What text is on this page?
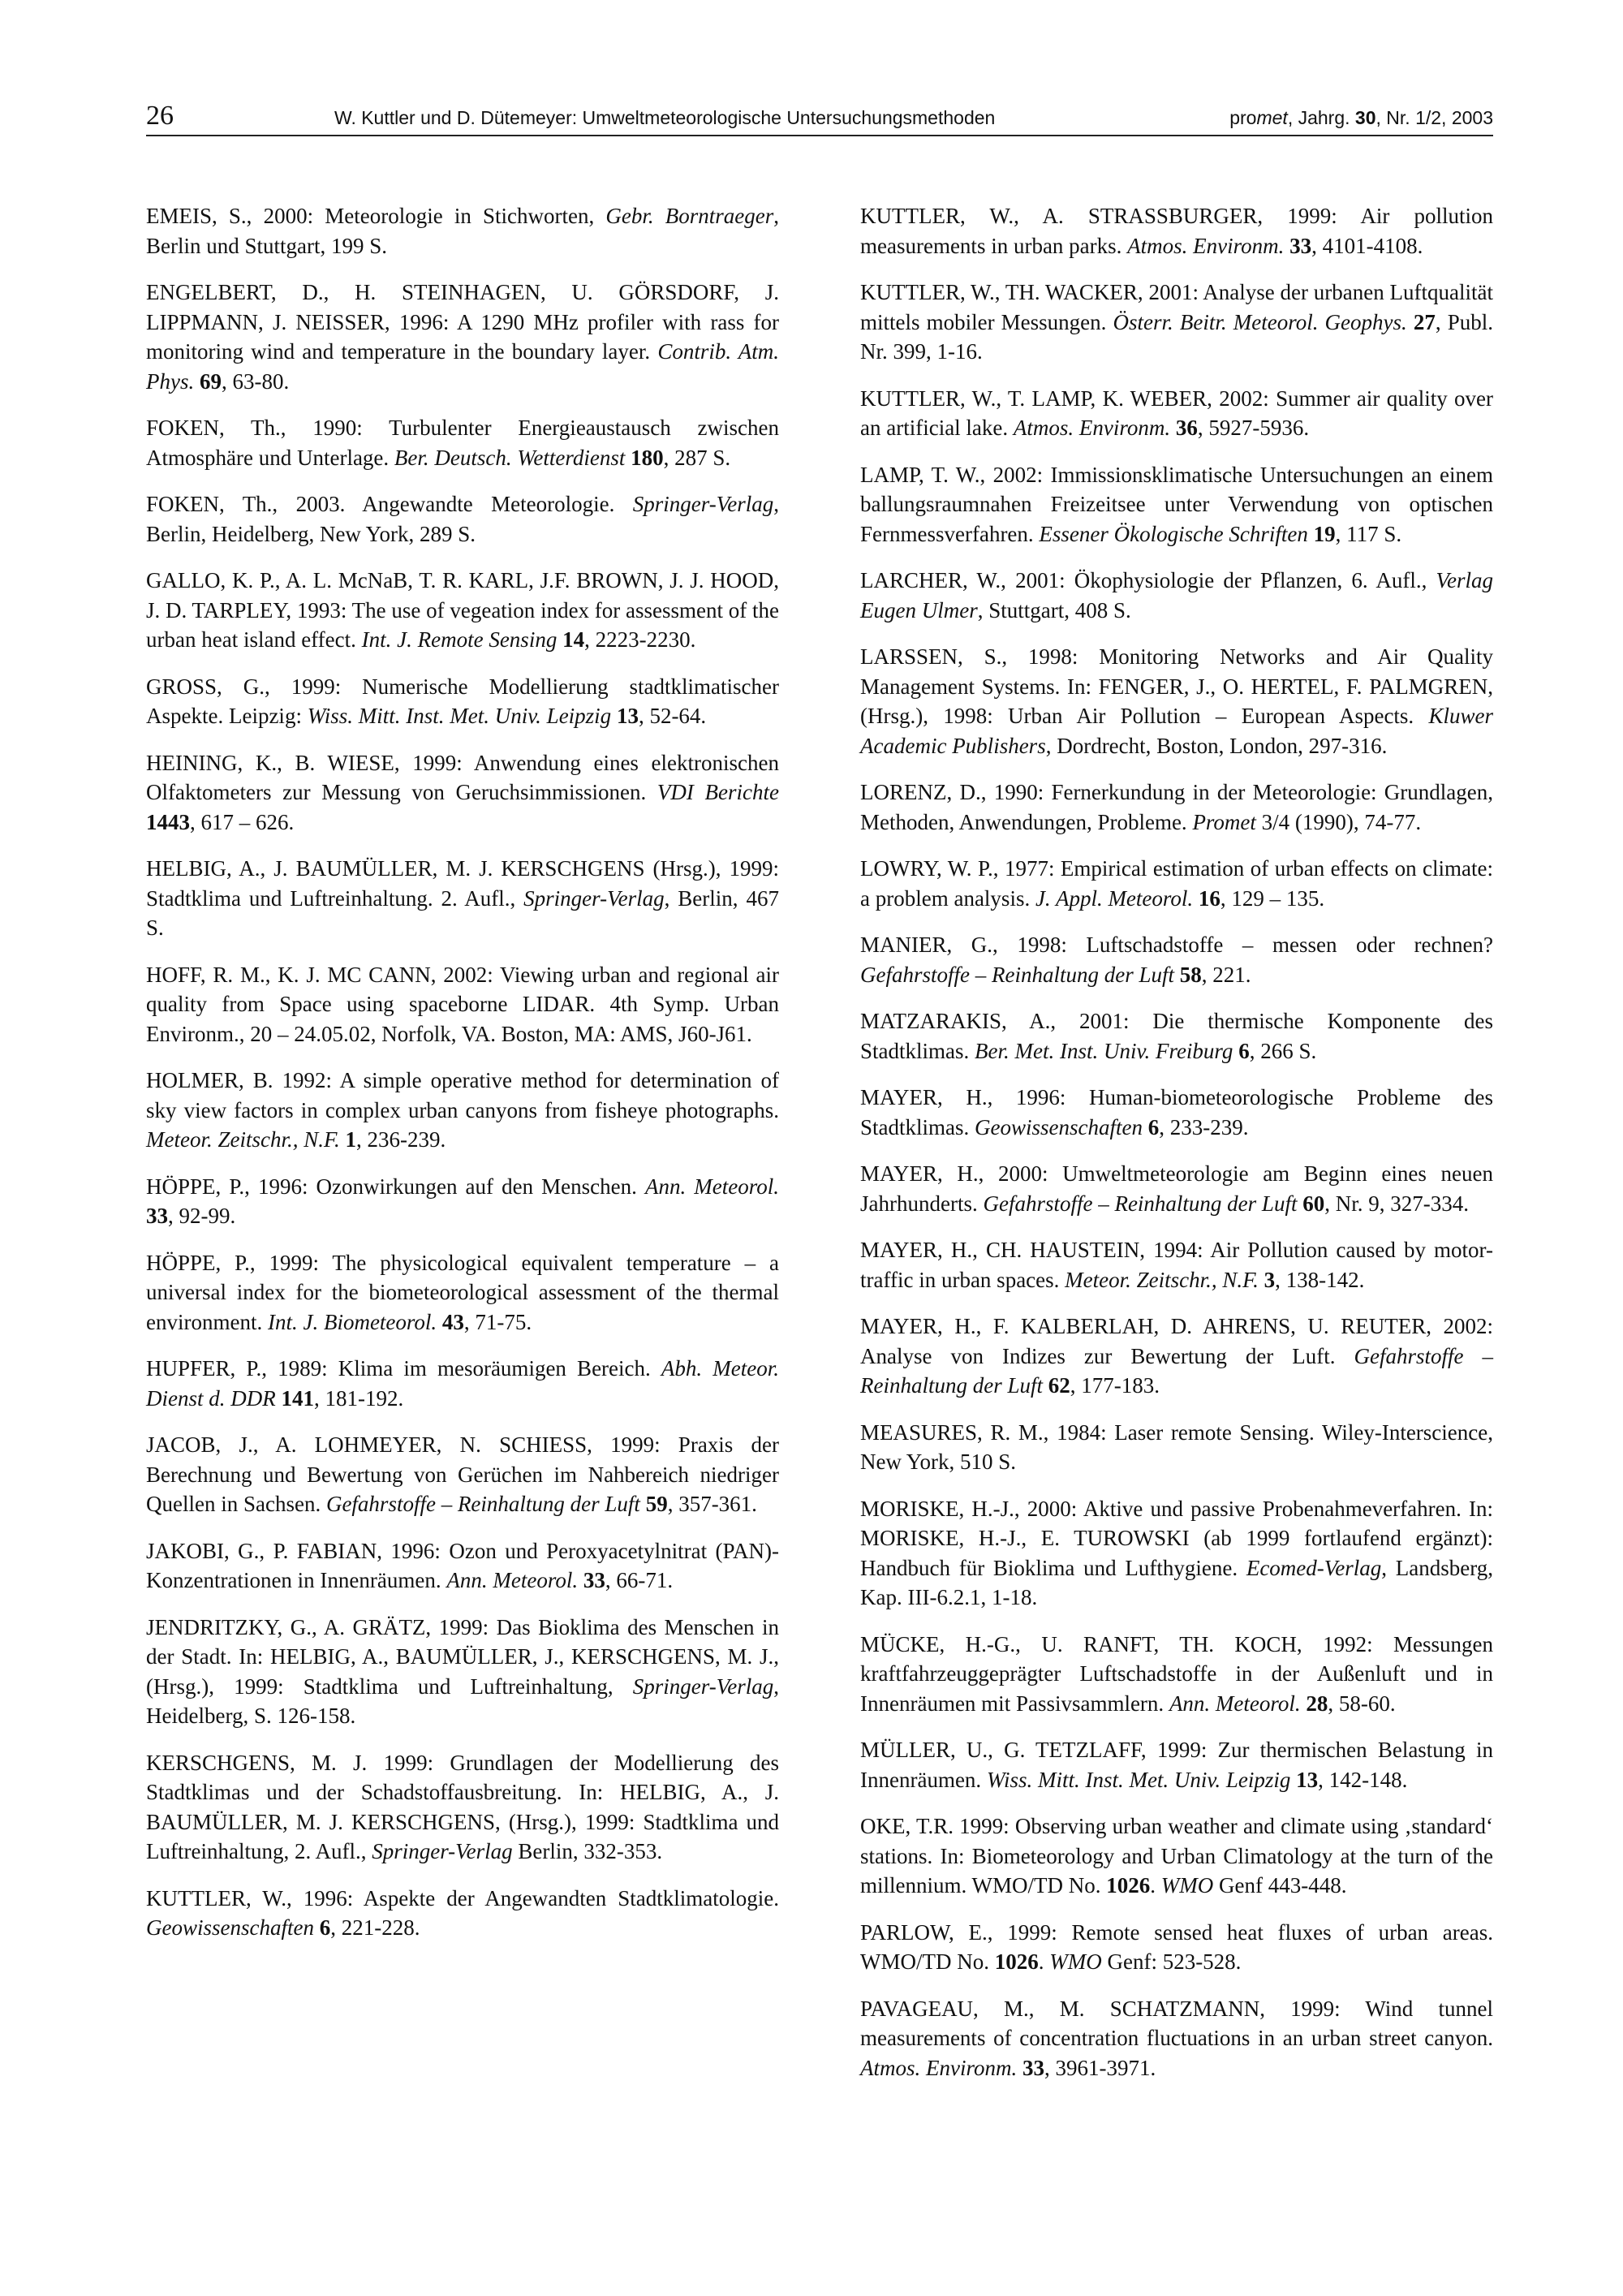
26	W. Kuttler und D. Dütemeyer: Umweltmeteorologische Untersuchungsmethoden	promet, Jahrg. 30, Nr. 1/2, 2003

EMEIS, S., 2000: Meteorologie in Stichworten, Gebr. Borntraeger, Berlin und Stuttgart, 199 S.

ENGELBERT, D., H. STEINHAGEN, U. GÖRSDORF, J. LIPPMANN, J. NEISSER, 1996: A 1290 MHz profiler with rass for monitoring wind and temperature in the boundary layer. Contrib. Atm. Phys. 69, 63-80.

FOKEN, Th., 1990: Turbulenter Energieaustausch zwischen Atmosphäre und Unterlage. Ber. Deutsch. Wetterdienst 180, 287 S.

FOKEN, Th., 2003. Angewandte Meteorologie. Springer-Verlag, Berlin, Heidelberg, New York, 289 S.

GALLO, K. P., A. L. McNaB, T. R. KARL, J.F. BROWN, J. J. HOOD, J. D. TARPLEY, 1993: The use of vegeation index for assessment of the urban heat island effect. Int. J. Remote Sensing 14, 2223-2230.

GROSS, G., 1999: Numerische Modellierung stadtklimatischer Aspekte. Leipzig: Wiss. Mitt. Inst. Met. Univ. Leipzig 13, 52-64.

HEINING, K., B. WIESE, 1999: Anwendung eines elektronischen Olfaktometers zur Messung von Geruchsimmissionen. VDI Berichte 1443, 617 – 626.

HELBIG, A., J. BAUMÜLLER, M. J. KERSCHGENS (Hrsg.), 1999: Stadtklima und Luftreinhaltung. 2. Aufl., Springer-Verlag, Berlin, 467 S.

HOFF, R. M., K. J. MC CANN, 2002: Viewing urban and regional air quality from Space using spaceborne LIDAR. 4th Symp. Urban Environm., 20 – 24.05.02, Norfolk, VA. Boston, MA: AMS, J60-J61.

HOLMER, B. 1992: A simple operative method for determination of sky view factors in complex urban canyons from fisheye photographs. Meteor. Zeitschr., N.F. 1, 236-239.

HÖPPE, P., 1996: Ozonwirkungen auf den Menschen. Ann. Meteorol. 33, 92-99.

HÖPPE, P., 1999: The physicological equivalent temperature – a universal index for the biometeorological assessment of the thermal environment. Int. J. Biometeorol. 43, 71-75.

HUPFER, P., 1989: Klima im mesoräumigen Bereich. Abh. Meteor. Dienst d. DDR 141, 181-192.

JACOB, J., A. LOHMEYER, N. SCHIESS, 1999: Praxis der Berechnung und Bewertung von Gerüchen im Nahbereich niedriger Quellen in Sachsen. Gefahrstoffe – Reinhaltung der Luft 59, 357-361.

JAKOBI, G., P. FABIAN, 1996: Ozon und Peroxyacetylnitrat (PAN)-Konzentrationen in Innenräumen. Ann. Meteorol. 33, 66-71.

JENDRITZKY, G., A. GRÄTZ, 1999: Das Bioklima des Menschen in der Stadt. In: HELBIG, A., BAUMÜLLER, J., KERSCHGENS, M. J., (Hrsg.), 1999: Stadtklima und Luftreinhaltung, Springer-Verlag, Heidelberg, S. 126-158.

KERSCHGENS, M. J. 1999: Grundlagen der Modellierung des Stadtklimas und der Schadstoffausbreitung. In: HELBIG, A., J. BAUMÜLLER, M. J. KERSCHGENS, (Hrsg.), 1999: Stadtklima und Luftreinhaltung, 2. Aufl., Springer-Verlag Berlin, 332-353.

KUTTLER, W., 1996: Aspekte der Angewandten Stadtklimatologie. Geowissenschaften 6, 221-228.

KUTTLER, W., A. STRASSBURGER, 1999: Air pollution measurements in urban parks. Atmos. Environm. 33, 4101-4108.

KUTTLER, W., TH. WACKER, 2001: Analyse der urbanen Luftqualität mittels mobiler Messungen. Österr. Beitr. Meteorol. Geophys. 27, Publ. Nr. 399, 1-16.

KUTTLER, W., T. LAMP, K. WEBER, 2002: Summer air quality over an artificial lake. Atmos. Environm. 36, 5927-5936.

LAMP, T. W., 2002: Immissionsklimatische Untersuchungen an einem ballungsraumnahen Freizeitsee unter Verwendung von optischen Fernmessverfahren. Essener Ökologische Schriften 19, 117 S.

LARCHER, W., 2001: Ökophysiologie der Pflanzen, 6. Aufl., Verlag Eugen Ulmer, Stuttgart, 408 S.

LARSSEN, S., 1998: Monitoring Networks and Air Quality Management Systems. In: FENGER, J., O. HERTEL, F. PALMGREN, (Hrsg.), 1998: Urban Air Pollution – European Aspects. Kluwer Academic Publishers, Dordrecht, Boston, London, 297-316.

LORENZ, D., 1990: Fernerkundung in der Meteorologie: Grundlagen, Methoden, Anwendungen, Probleme. Promet 3/4 (1990), 74-77.

LOWRY, W. P., 1977: Empirical estimation of urban effects on climate: a problem analysis. J. Appl. Meteorol. 16, 129 – 135.

MANIER, G., 1998: Luftschadstoffe – messen oder rechnen? Gefahrstoffe – Reinhaltung der Luft 58, 221.

MATZARAKIS, A., 2001: Die thermische Komponente des Stadtklimas. Ber. Met. Inst. Univ. Freiburg 6, 266 S.

MAYER, H., 1996: Human-biometeorologische Probleme des Stadtklimas. Geowissenschaften 6, 233-239.

MAYER, H., 2000: Umweltmeteorologie am Beginn eines neuen Jahrhunderts. Gefahrstoffe – Reinhaltung der Luft 60, Nr. 9, 327-334.

MAYER, H., CH. HAUSTEIN, 1994: Air Pollution caused by motor-traffic in urban spaces. Meteor. Zeitschr., N.F. 3, 138-142.

MAYER, H., F. KALBERLAH, D. AHRENS, U. REUTER, 2002: Analyse von Indizes zur Bewertung der Luft. Gefahrstoffe – Reinhaltung der Luft 62, 177-183.

MEASURES, R. M., 1984: Laser remote Sensing. Wiley-Interscience, New York, 510 S.

MORISKE, H.-J., 2000: Aktive und passive Probenahmeverfahren. In: MORISKE, H.-J., E. TUROWSKI (ab 1999 fortlaufend ergänzt): Handbuch für Bioklima und Lufthygiene. Ecomed-Verlag, Landsberg, Kap. III-6.2.1, 1-18.

MÜCKE, H.-G., U. RANFT, TH. KOCH, 1992: Messungen kraftfahrzeuggeprägter Luftschadstoffe in der Außenluft und in Innenräumen mit Passivsammlern. Ann. Meteorol. 28, 58-60.

MÜLLER, U., G. TETZLAFF, 1999: Zur thermischen Belastung in Innenräumen. Wiss. Mitt. Inst. Met. Univ. Leipzig 13, 142-148.

OKE, T.R. 1999: Observing urban weather and climate using ‚standard‘ stations. In: Biometeorology and Urban Climatology at the turn of the millennium. WMO/TD No. 1026. WMO Genf 443-448.

PARLOW, E., 1999: Remote sensed heat fluxes of urban areas. WMO/TD No. 1026. WMO Genf: 523-528.

PAVAGEAU, M., M. SCHATZMANN, 1999: Wind tunnel measurements of concentration fluctuations in an urban street canyon. Atmos. Environm. 33, 3961-3971.
